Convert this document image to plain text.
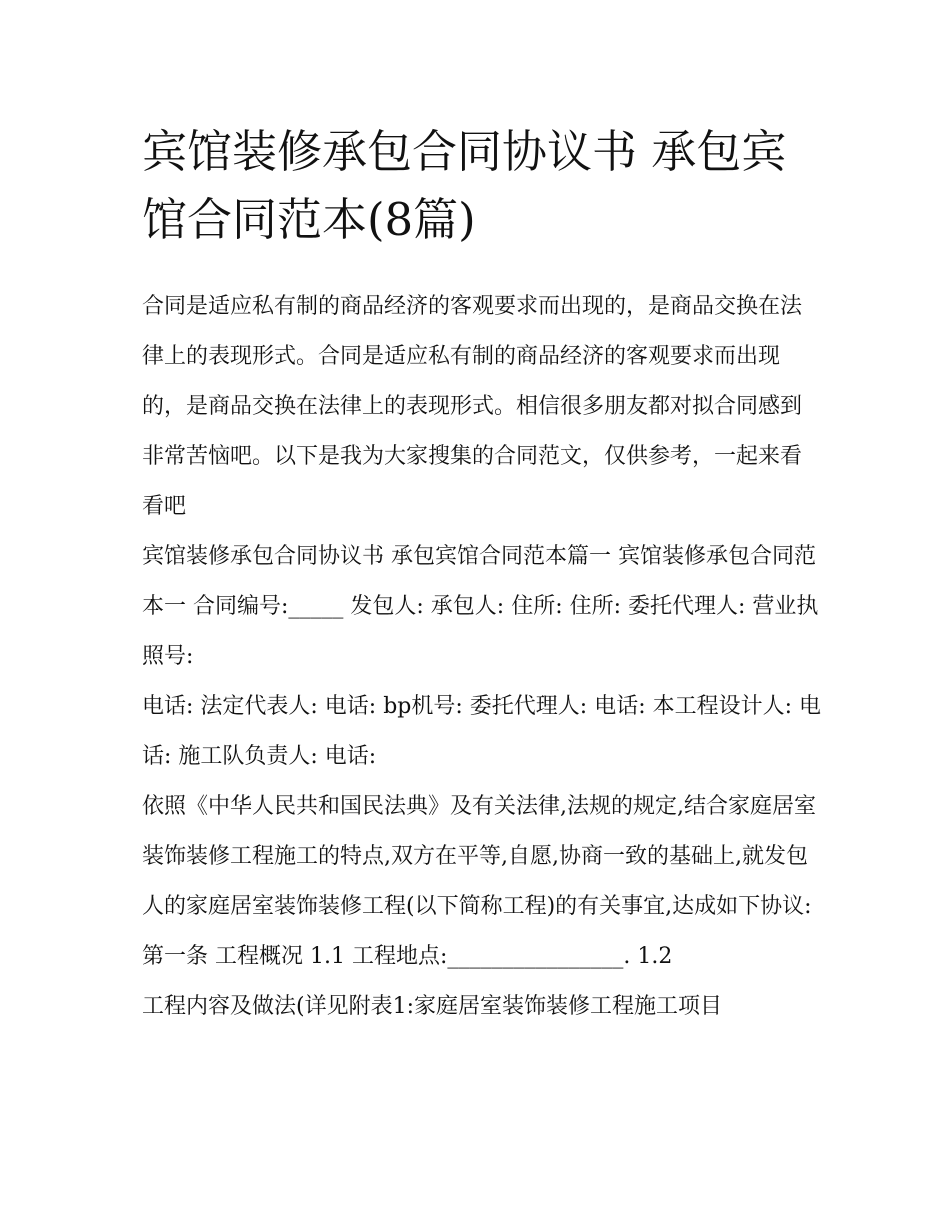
宾馆装修承包合同协议书 承包宾馆合同范本(8篇)

合同是适应私有制的商品经济的客观要求而出现的，是商品交换在法律上的表现形式。合同是适应私有制的商品经济的客观要求而出现的，是商品交换在法律上的表现形式。相信很多朋友都对拟合同感到非常苦恼吧。以下是我为大家搜集的合同范文，仅供参考，一起来看看吧

宾馆装修承包合同协议书 承包宾馆合同范本篇一 宾馆装修承包合同范本一 合同编号:_____ 发包人: 承包人: 住所: 住所: 委托代理人: 营业执照号:

电话: 法定代表人: 电话: bp机号: 委托代理人: 电话: 本工程设计人: 电话: 施工队负责人: 电话:

依照《中华人民共和国民法典》及有关法律,法规的规定,结合家庭居室装饰装修工程施工的特点,双方在平等,自愿,协商一致的基础上,就发包人的家庭居室装饰装修工程(以下简称工程)的有关事宜,达成如下协议:

第一条 工程概况 1.1 工程地点:________________. 1.2

工程内容及做法(详见附表1:家庭居室装饰装修工程施工项目
